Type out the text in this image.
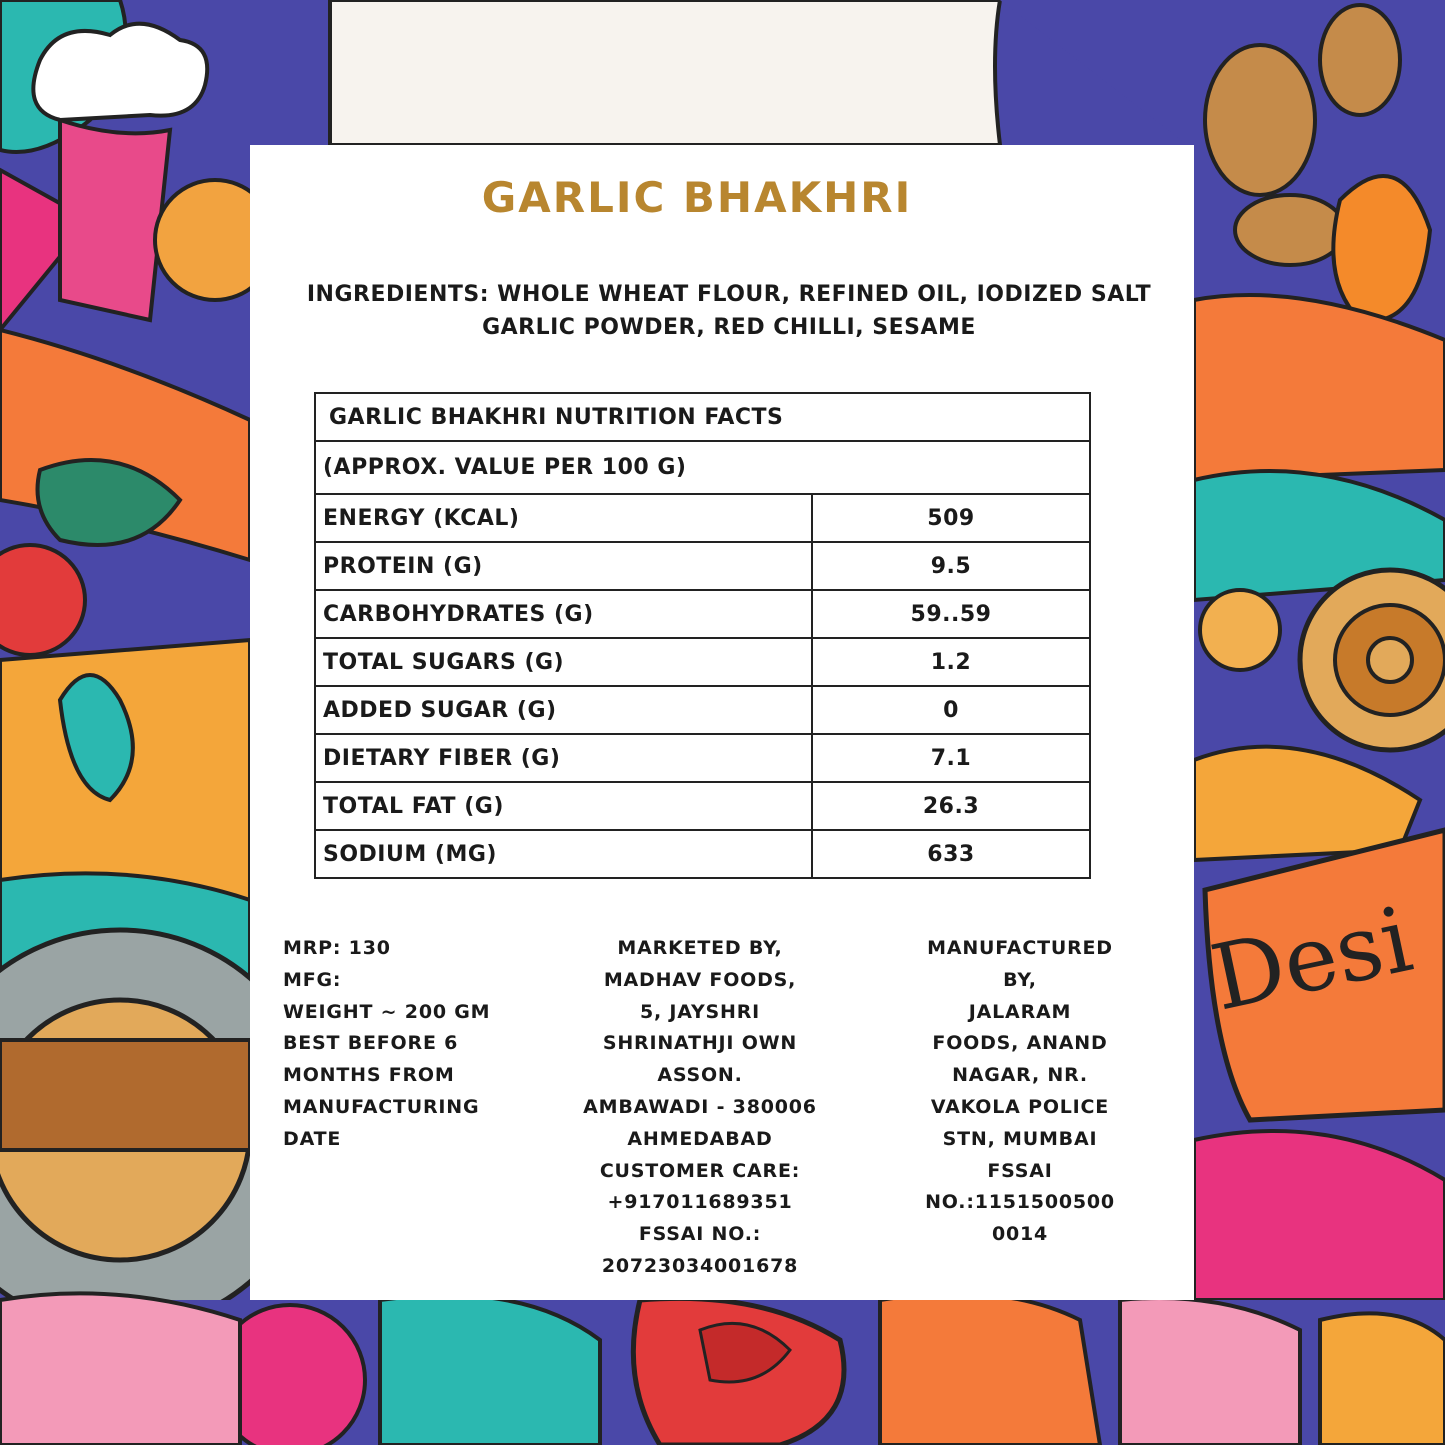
Desi
GARLIC BHAKHRI
INGREDIENTS: WHOLE WHEAT FLOUR, REFINED OIL, IODIZED SALT
GARLIC POWDER, RED CHILLI, SESAME
GARLIC BHAKHRI NUTRITION FACTS	
(APPROX. VALUE PER 100 G)	
ENERGY (KCAL)	509
PROTEIN (G)	9.5
CARBOHYDRATES (G)	59..59
TOTAL SUGARS (G)	1.2
ADDED SUGAR (G)	0
DIETARY FIBER (G)	7.1
TOTAL FAT (G)	26.3
SODIUM (MG)	633
MRP: 130
MFG:
WEIGHT ~ 200 GM
BEST BEFORE 6
MONTHS FROM
MANUFACTURING
DATE
MARKETED BY,
MADHAV FOODS,
5, JAYSHRI
SHRINATHJI OWN
ASSON.
AMBAWADI - 380006
AHMEDABAD
CUSTOMER CARE:
+917011689351
FSSAI NO.:
20723034001678
MANUFACTURED
BY,
JALARAM
FOODS, ANAND
NAGAR, NR.
VAKOLA POLICE
STN, MUMBAI
FSSAI
NO.:1151500500
0014
